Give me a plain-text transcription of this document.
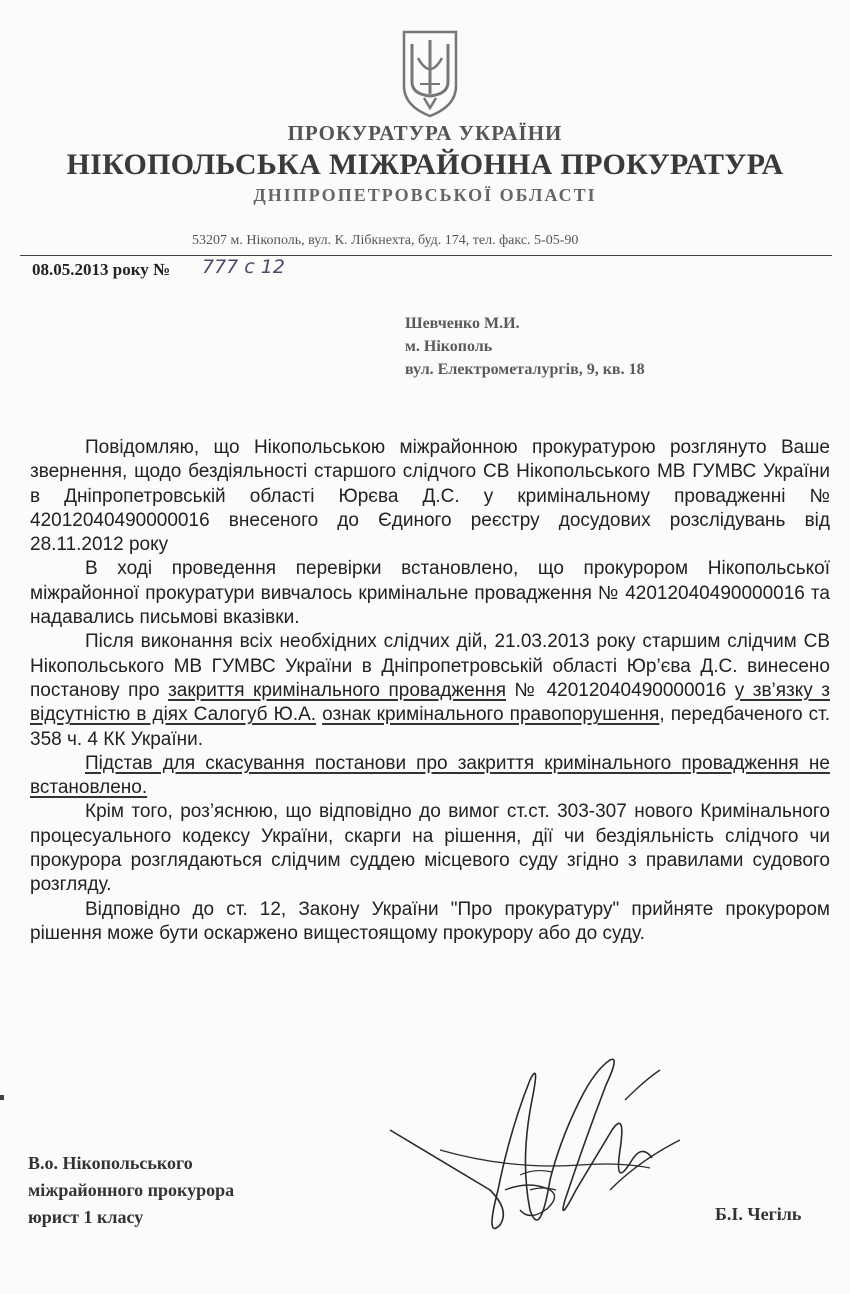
ПРОКУРАТУРА УКРАЇНИ
НІКОПОЛЬСЬКА МІЖРАЙОННА ПРОКУРАТУРА
ДНІПРОПЕТРОВСЬКОЇ ОБЛАСТІ
53207 м. Нікополь, вул. К. Лібкнехта, буд. 174, тел. факс. 5-05-90
08.05.2013 року № 777 с 12
Шевченко М.И.
м. Нікополь
вул. Електрометалургів, 9, кв. 18

Повідомляю, що Нікопольською міжрайонною прокуратурою розглянуто Ваше звернення, щодо бездіяльності старшого слідчого СВ Нікопольського МВ ГУМВС України в Дніпропетровській області Юрєва Д.С. у кримінальному провадженні № 42012040490000016 внесеного до Єдиного реєстру досудових розслідувань від 28.11.2012 року

В ході проведення перевірки встановлено, що прокурором Нікопольської міжрайонної прокуратури вивчалось кримінальне провадження № 42012040490000016 та надавались письмові вказівки.

Після виконання всіх необхідних слідчих дій, 21.03.2013 року старшим слідчим СВ Нікопольського МВ ГУМВС України в Дніпропетровській області Юр’єва Д.С. винесено постанову про закриття кримінального провадження № 42012040490000016 у зв’язку з відсутністю в діях Салогуб Ю.А. ознак кримінального правопорушення, передбаченого ст. 358 ч. 4 КК України.

Підстав для скасування постанови про закриття кримінального провадження не встановлено.

Крім того, роз’яснюю, що відповідно до вимог ст.ст. 303-307 нового Кримінального процесуального кодексу України, скарги на рішення, дії чи бездіяльність слідчого чи прокурора розглядаються слідчим суддею місцевого суду згідно з правилами судового розгляду.

Відповідно до ст. 12, Закону України "Про прокуратуру" прийняте прокурором рішення може бути оскаржено вищестоящому прокурору або до суду.

В.о. Нікопольського
міжрайонного прокурора
юрист 1 класу	Б.І. Чегіль
